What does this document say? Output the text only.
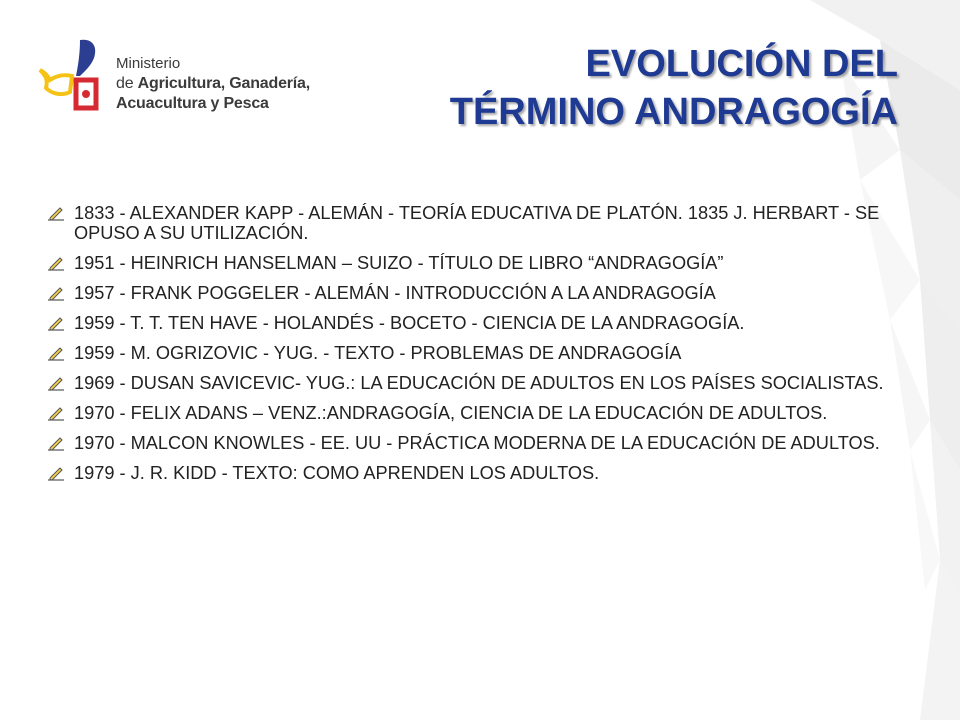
Ministerio
de Agricultura, Ganadería,
Acuacultura y Pesca
EVOLUCIÓN DEL
TÉRMINO ANDRAGOGÍA
1833 - ALEXANDER KAPP - ALEMÁN - TEORÍA EDUCATIVA DE PLATÓN. 1835 J. HERBART - SE OPUSO A SU UTILIZACIÓN.
1951 - HEINRICH HANSELMAN – SUIZO - TÍTULO DE LIBRO “ANDRAGOGÍA”
1957 - FRANK POGGELER - ALEMÁN - INTRODUCCIÓN A LA ANDRAGOGÍA
1959 - T. T. TEN HAVE - HOLANDÉS - BOCETO - CIENCIA DE LA ANDRAGOGÍA.
1959 - M. OGRIZOVIC - YUG. - TEXTO - PROBLEMAS DE ANDRAGOGÍA
1969 - DUSAN SAVICEVIC- YUG.: LA EDUCACIÓN DE ADULTOS EN LOS PAÍSES SOCIALISTAS.
1970 - FELIX ADANS – VENZ.:ANDRAGOGÍA, CIENCIA DE LA EDUCACIÓN DE ADULTOS.
1970 - MALCON KNOWLES - EE. UU - PRÁCTICA MODERNA DE LA EDUCACIÓN DE ADULTOS.
1979 - J. R. KIDD - TEXTO: COMO APRENDEN LOS ADULTOS.
